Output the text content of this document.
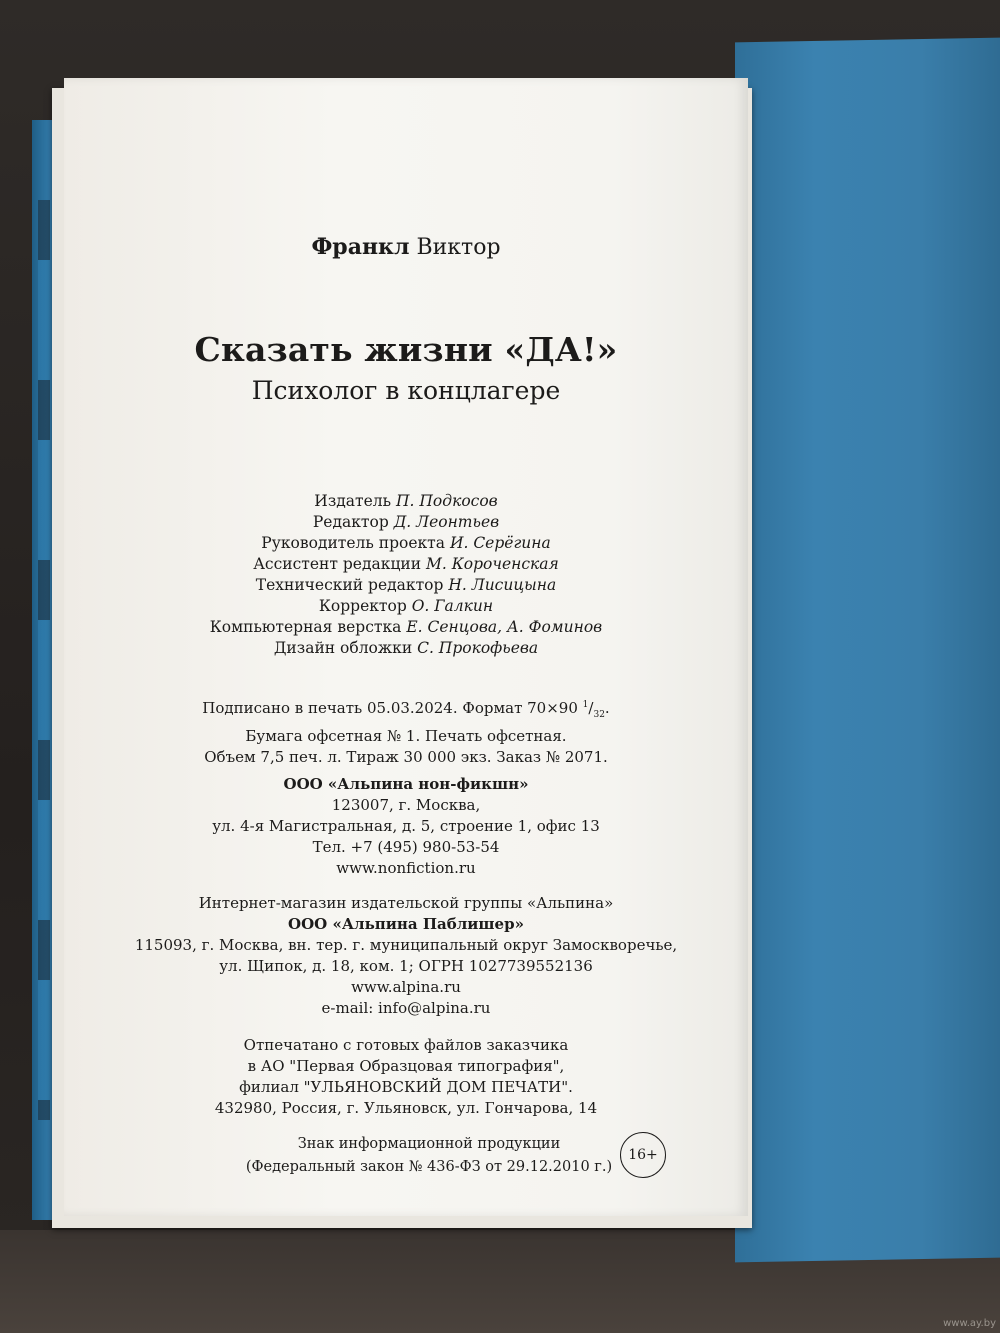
Франкл Виктор
Сказать жизни «ДА!»
Психолог в концлагере
Издатель П. Подкосов
Редактор Д. Леонтьев
Руководитель проекта И. Серёгина
Ассистент редакции М. Короченская
Технический редактор Н. Лисицына
Корректор О. Галкин
Компьютерная верстка Е. Сенцова, А. Фоминов
Дизайн обложки С. Прокофьева
Подписано в печать 05.03.2024. Формат 70×90 $^1/_{32}$.
Бумага офсетная № 1. Печать офсетная.
Объем 7,5 печ. л. Тираж 30 000 экз. Заказ № 2071.
ООО «Альпина нон-фикшн»
123007, г. Москва,
ул. 4-я Магистральная, д. 5, строение 1, офис 13
Тел. +7 (495) 980-53-54
www.nonfiction.ru
Интернет-магазин издательской группы «Альпина»
ООО «Альпина Паблишер»
115093, г. Москва, вн. тер. г. муниципальный округ Замоскворечье,
ул. Щипок, д. 18, ком. 1; ОГРН 1027739552136
www.alpina.ru
e-mail: info@alpina.ru
Отпечатано с готовых файлов заказчика
в АО "Первая Образцовая типография",
филиал "УЛЬЯНОВСКИЙ ДОМ ПЕЧАТИ".
432980, Россия, г. Ульяновск, ул. Гончарова, 14
Знак информационной продукции
(Федеральный закон № 436-ФЗ от 29.12.2010 г.)
16+
www.ay.by
